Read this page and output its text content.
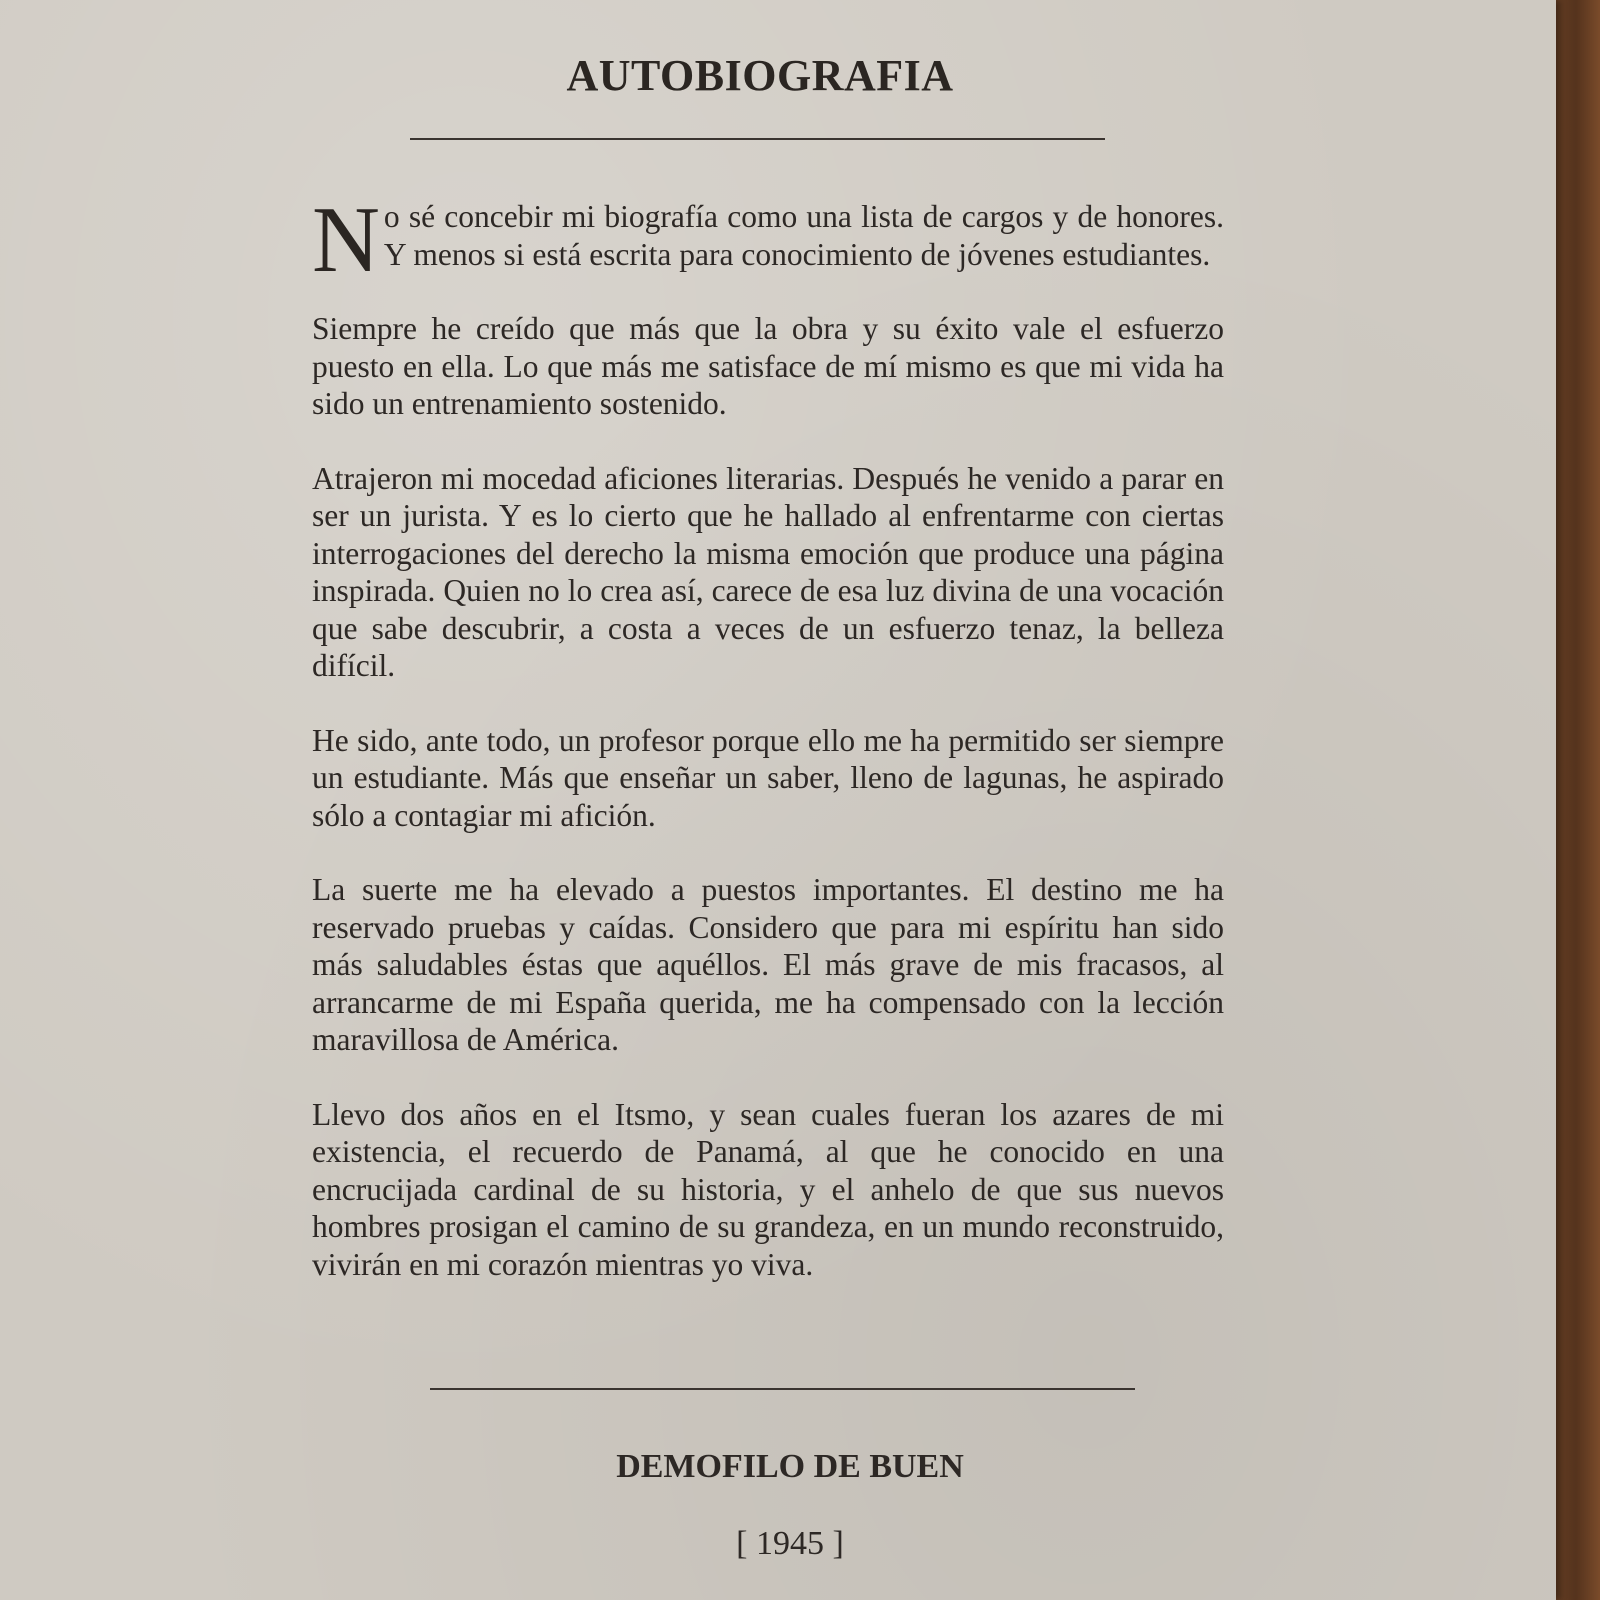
AUTOBIOGRAFIA

No sé concebir mi biografía como una lista de cargos y de honores. Y menos si está escrita para conocimiento de jóvenes estudiantes.

Siempre he creído que más que la obra y su éxito vale el esfuerzo puesto en ella. Lo que más me satisface de mí mismo es que mi vida ha sido un entrenamiento sostenido.

Atrajeron mi mocedad aficiones literarias. Después he venido a parar en ser un jurista. Y es lo cierto que he hallado al enfrentarme con ciertas interrogaciones del derecho la misma emoción que produce una página inspirada. Quien no lo crea así, carece de esa luz divina de una vocación que sabe descubrir, a costa a veces de un esfuerzo tenaz, la belleza difícil.

He sido, ante todo, un profesor porque ello me ha permitido ser siempre un estudiante. Más que enseñar un saber, lleno de lagunas, he aspirado sólo a contagiar mi afición.

La suerte me ha elevado a puestos importantes. El destino me ha reservado pruebas y caídas. Considero que para mi espíritu han sido más saludables éstas que aquéllos. El más grave de mis fracasos, al arrancarme de mi España querida, me ha compensado con la lección maravillosa de América.

Llevo dos años en el Itsmo, y sean cuales fueran los azares de mi existencia, el recuerdo de Panamá, al que he conocido en una encrucijada cardinal de su historia, y el anhelo de que sus nuevos hombres prosigan el camino de su grandeza, en un mundo reconstruido, vivirán en mi corazón mientras yo viva.

DEMOFILO DE BUEN
[ 1945 ]
